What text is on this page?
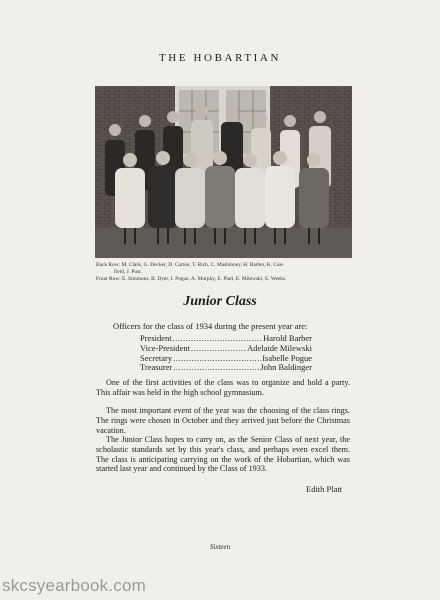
THE HOBARTIAN
Back Row: M. Clark, G. Decker, D. Carton, T. Rich, C. Mashinney, H. Barber, K. Can-
field, J. Post.
Front Row: E. Simmons, B. Dyer, I. Pogue, A. Murphy, E. Platt, E. Milewski, E. Weeks.
Junior Class
Officers for the class of 1934 during the present year are:
President .....	Harold Barber
Vice-President .....	Adelaide Milewski
Secretary .....	Isabelle Pogue
Treasurer .....	John Baldinger
One of the first activities of the class was to organize and hold a party. This affair was held in the high school gymnasium.
The most important event of the year was the choosing of the class rings. The rings were chosen in October and they arrived just before the Christmas vacation.
The Junior Class hopes to carry on, as the Senior Class of next year, the scholastic standards set by this year's class, and perhaps even excel them. The class is anticipating carrying on the work of the Hobartian, which was started last year and continued by the Class of 1933.
Edith Platt
Sixteen
skcsyearbook.com
